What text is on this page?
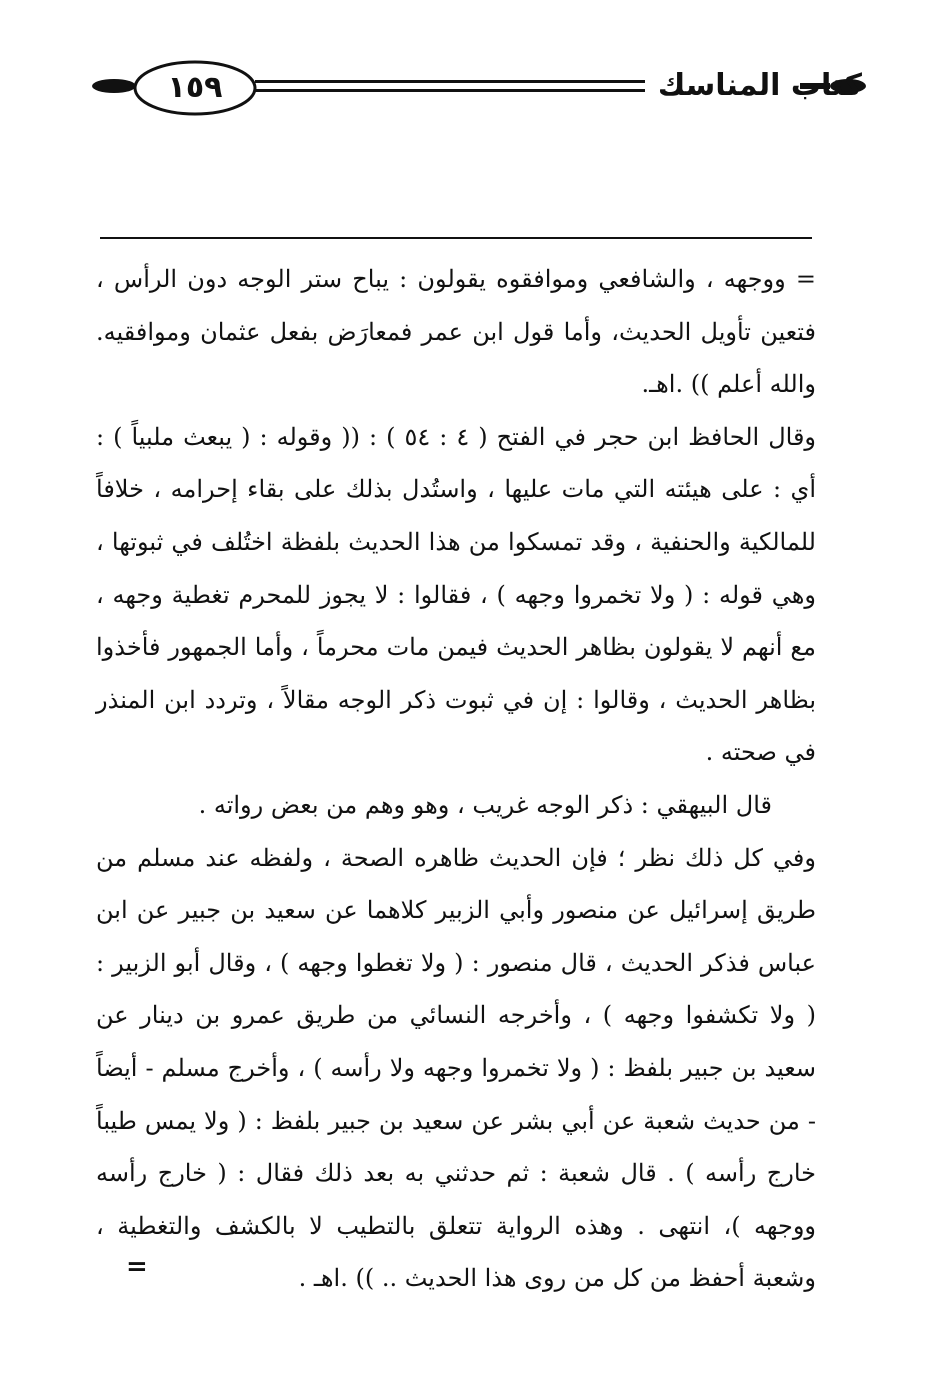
١٥٩	كتاب المناسك

= ووجهه ، والشافعي وموافقوه يقولون : يباح ستر الوجه دون الرأس ، فتعين تأويل الحديث، وأما قول ابن عمر فمعارَض بفعل عثمان وموافقيه. والله أعلم )) .اهـ.

وقال الحافظ ابن حجر في الفتح ( ٤ : ٥٤ ) : (( وقوله : ( يبعث ملبياً ) : أي : على هيئته التي مات عليها ، واستُدل بذلك على بقاء إحرامه ، خلافاً للمالكية والحنفية ، وقد تمسكوا من هذا الحديث بلفظة اختُلف في ثبوتها ، وهي قوله : ( ولا تخمروا وجهه ) ، فقالوا : لا يجوز للمحرم تغطية وجهه ، مع أنهم لا يقولون بظاهر الحديث فيمن مات محرماً ، وأما الجمهور فأخذوا بظاهر الحديث ، وقالوا : إن في ثبوت ذكر الوجه مقالاً ، وتردد ابن المنذر في صحته .

قال البيهقي : ذكر الوجه غريب ، وهو وهم من بعض رواته .

وفي كل ذلك نظر ؛ فإن الحديث ظاهره الصحة ، ولفظه عند مسلم من طريق إسرائيل عن منصور وأبي الزبير كلاهما عن سعيد بن جبير عن ابن عباس فذكر الحديث ، قال منصور : ( ولا تغطوا وجهه ) ، وقال أبو الزبير : ( ولا تكشفوا وجهه ) ، وأخرجه النسائي من طريق عمرو بن دينار عن سعيد بن جبير بلفظ : ( ولا تخمروا وجهه ولا رأسه ) ، وأخرج مسلم - أيضاً - من حديث شعبة عن أبي بشر عن سعيد بن جبير بلفظ : ( ولا يمس طيباً خارج رأسه ) . قال شعبة : ثم حدثني به بعد ذلك فقال : ( خارج رأسه ووجهه )، انتهى . وهذه الرواية تتعلق بالتطيب لا بالكشف والتغطية ، وشعبة أحفظ من كل من روى هذا الحديث .. )) .اهـ .

=
